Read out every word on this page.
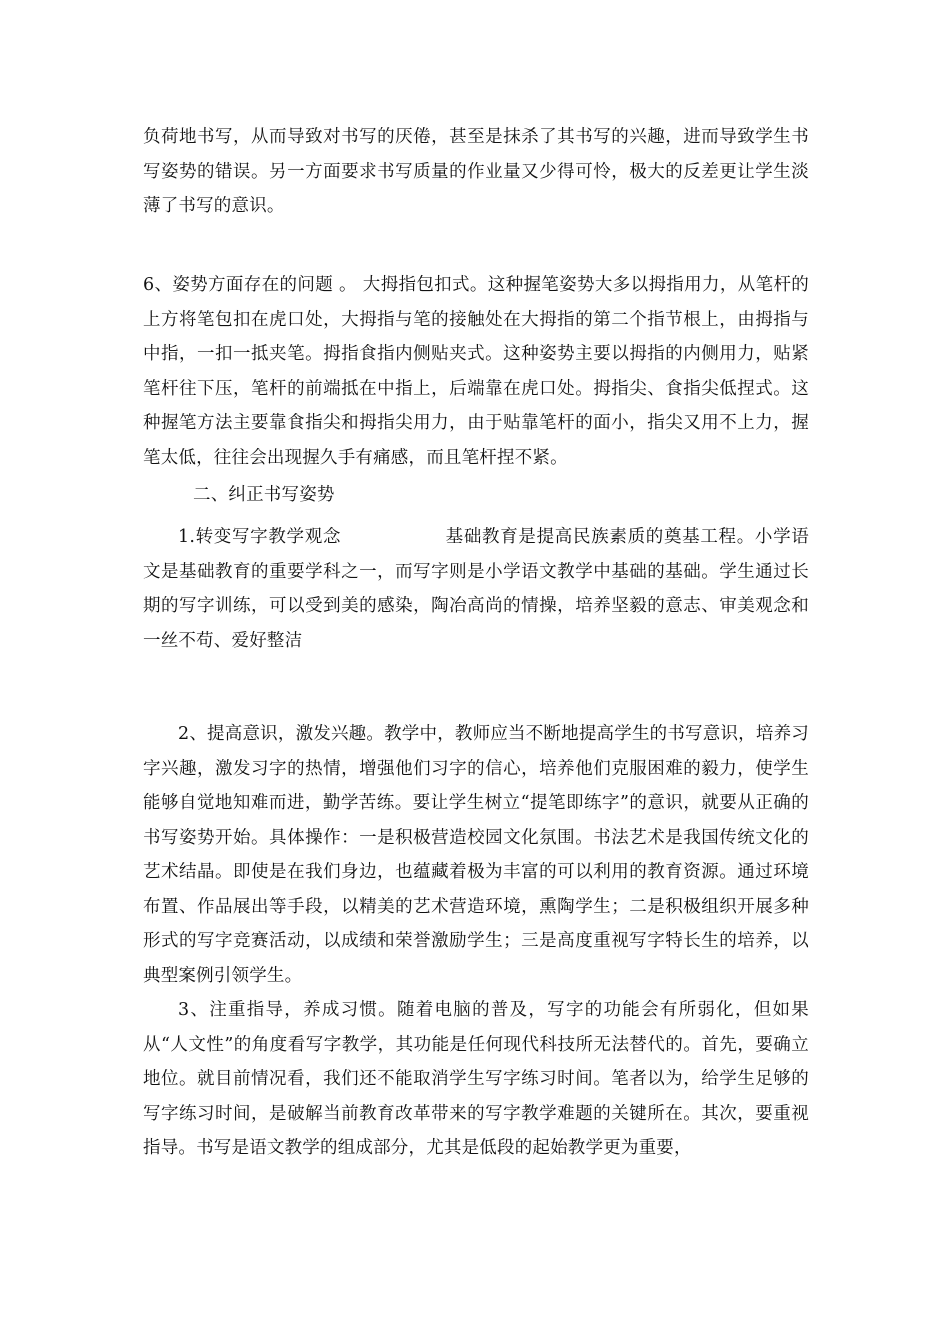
负荷地书写，从而导致对书写的厌倦，甚至是抹杀了其书写的兴趣，进而导致学生书写姿势的错误。另一方面要求书写质量的作业量又少得可怜，极大的反差更让学生淡薄了书写的意识。
6、姿势方面存在的问题 。 大拇指包扣式。这种握笔姿势大多以拇指用力，从笔杆的上方将笔包扣在虎口处，大拇指与笔的接触处在大拇指的第二个指节根上，由拇指与中指，一扣一抵夹笔。拇指食指内侧贴夹式。这种姿势主要以拇指的内侧用力，贴紧笔杆往下压，笔杆的前端抵在中指上，后端靠在虎口处。拇指尖、食指尖低捏式。这种握笔方法主要靠食指尖和拇指尖用力，由于贴靠笔杆的面小，指尖又用不上力，握笔太低，往往会出现握久手有痛感，而且笔杆捏不紧。
二、纠正书写姿势
1.转变写字教学观念	基础教育是提高民族素质的奠基工程。小学语文是基础教育的重要学科之一，而写字则是小学语文教学中基础的基础。学生通过长期的写字训练，可以受到美的感染，陶冶高尚的情操，培养坚毅的意志、审美观念和一丝不苟、爱好整洁
2、提高意识，激发兴趣。教学中，教师应当不断地提高学生的书写意识，培养习字兴趣，激发习字的热情，增强他们习字的信心，培养他们克服困难的毅力，使学生能够自觉地知难而进，勤学苦练。要让学生树立“提笔即练字”的意识，就要从正确的书写姿势开始。具体操作：一是积极营造校园文化氛围。书法艺术是我国传统文化的艺术结晶。即使是在我们身边，也蕴藏着极为丰富的可以利用的教育资源。通过环境布置、作品展出等手段，以精美的艺术营造环境，熏陶学生；二是积极组织开展多种形式的写字竞赛活动，以成绩和荣誉激励学生；三是高度重视写字特长生的培养，以典型案例引领学生。
3、注重指导，养成习惯。随着电脑的普及，写字的功能会有所弱化，但如果从“人文性”的角度看写字教学，其功能是任何现代科技所无法替代的。首先，要确立地位。就目前情况看，我们还不能取消学生写字练习时间。笔者以为，给学生足够的写字练习时间，是破解当前教育改革带来的写字教学难题的关键所在。其次，要重视指导。书写是语文教学的组成部分，尤其是低段的起始教学更为重要，
